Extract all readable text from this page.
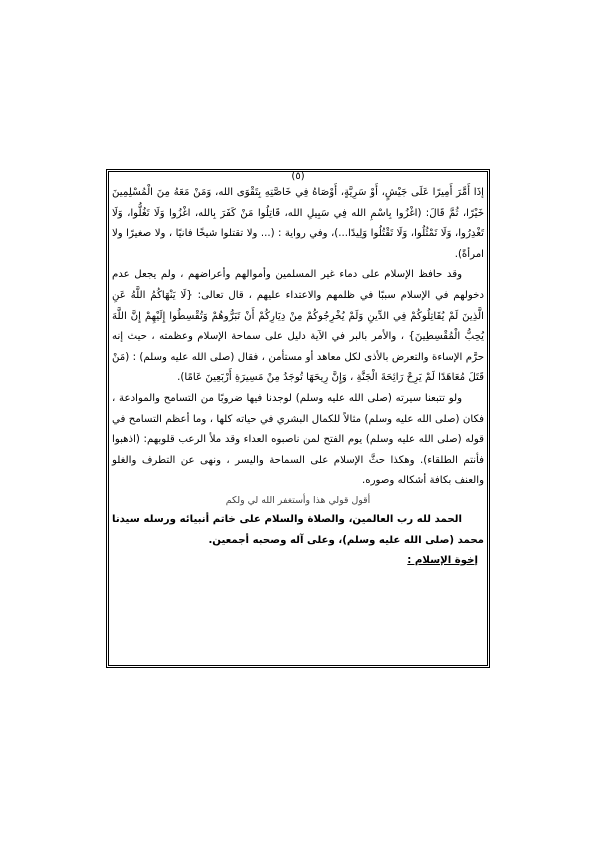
(٥)

إذَا أَمَّرَ أَمِيرًا عَلَى جَيْشٍ، أَوْ سَرِيَّةٍ، أَوْصَاهُ فِي خَاصَّتِهِ بِتَقْوَى الله، وَمَنْ مَعَهُ مِنَ الْمُسْلِمِينَ خَيْرًا، ثُمَّ قَالَ: (اغْزُوا بِاسْمِ الله فِي سَبِيلِ الله، قَاتِلُوا مَنْ كَفَرَ بِالله، اغْزُوا وَلَا تَغُلُّوا، وَلَا تَغْدِرُوا، وَلَا تَمْثُلُوا، وَلَا تَقْتُلُوا وَلِيدًا...)، وفي رواية : (... ولا تقتلوا شيخًا فانيًا ، ولا صغيرًا ولا امرأةً).

وقد حافظ الإسلام على دماء غير المسلمين وأموالهم وأعراضهم ، ولم يجعل عدم دخولهم في الإسلام سببًا في ظلمهم والاعتداء عليهم ، قال تعالى: {لَا يَنْهَاكُمُ اللَّهُ عَنِ الَّذِينَ لَمْ يُقَاتِلُوكُمْ فِي الدِّينِ وَلَمْ يُخْرِجُوكُمْ مِنْ دِيَارِكُمْ أَنْ تَبَرُّوهُمْ وَتُقْسِطُوا إِلَيْهِمْ إِنَّ اللَّهَ يُحِبُّ الْمُقْسِطِينَ} ، والأمر بالبر في الآية دليل على سماحة الإسلام وعظمته ، حيث إنه حرَّم الإساءة والتعرض بالأذى لكل معاهد أو مستأمن ، فقال (صلى الله عليه وسلم) : (مَنْ قَتَلَ مُعَاهَدًا لَمْ يَرِحْ رَائِحَةَ الْجَنَّةِ ، وَإِنَّ رِيحَهَا تُوجَدُ مِنْ مَسِيرَةِ أَرْبَعِينَ عَامًا).

ولو تتبعنا سيرته (صلى الله عليه وسلم) لوجدنا فيها ضروبًا من التسامح والموادعة ، فكان (صلى الله عليه وسلم) مثالاً للكمال البشري في حياته كلها ، وما أعظم التسامح في قوله (صلى الله عليه وسلم) يوم الفتح لمن ناصبوه العداء وقد ملأ الرعب قلوبهم: (اذهبوا فأنتم الطلقاء). وهكذا حثَّ الإسلام على السماحة واليسر ، ونهى عن التطرف والغلو والعنف بكافة أشكاله وصوره.

أقول قولي هذا وأستغفر الله لي ولكم

الحمد لله رب العالمين، والصلاة والسلام على خاتم أنبيائه ورسله سيدنا محمد (صلى الله عليه وسلم)، وعلى آله وصحبه أجمعين.

إخوة الإسلام :
